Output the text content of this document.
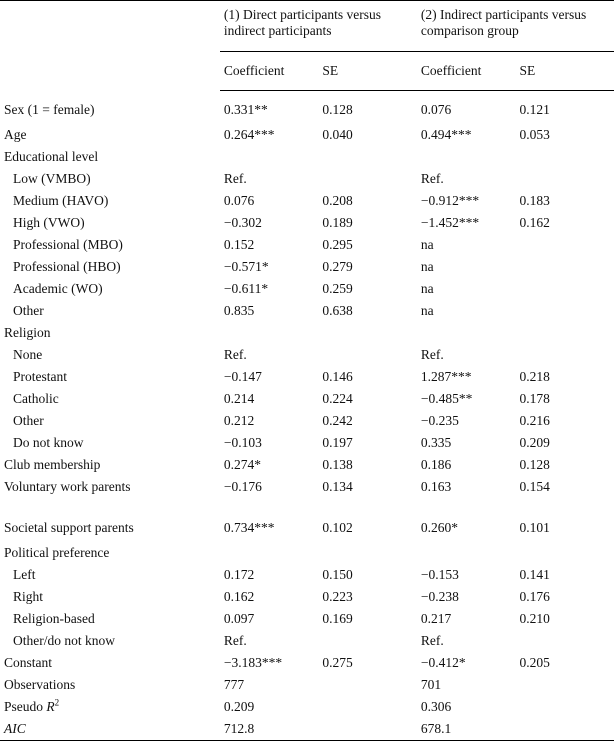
	(1) Direct participants versus indirect participants		(2) Indirect participants versus comparison group	
	Coefficient	SE	Coefficient	SE
Sex (1 = female)	0.331**	0.128	0.076	0.121
Age	0.264***	0.040	0.494***	0.053
Educational level				
Low (VMBO)	Ref.		Ref.	
Medium (HAVO)	0.076	0.208	−0.912***	0.183
High (VWO)	−0.302	0.189	−1.452***	0.162
Professional (MBO)	0.152	0.295	na	
Professional (HBO)	−0.571*	0.279	na	
Academic (WO)	−0.611*	0.259	na	
Other	0.835	0.638	na	
Religion				
None	Ref.		Ref.	
Protestant	−0.147	0.146	1.287***	0.218
Catholic	0.214	0.224	−0.485**	0.178
Other	0.212	0.242	−0.235	0.216
Do not know	−0.103	0.197	0.335	0.209
Club membership	0.274*	0.138	0.186	0.128
Voluntary work parents	−0.176	0.134	0.163	0.154
Societal support parents	0.734***	0.102	0.260*	0.101
Political preference				
Left	0.172	0.150	−0.153	0.141
Right	0.162	0.223	−0.238	0.176
Religion-based	0.097	0.169	0.217	0.210
Other/do not know	Ref.		Ref.	
Constant	−3.183***	0.275	−0.412*	0.205
Observations	777		701	
Pseudo $R^2$	0.209		0.306	
AIC	712.8		678.1	
